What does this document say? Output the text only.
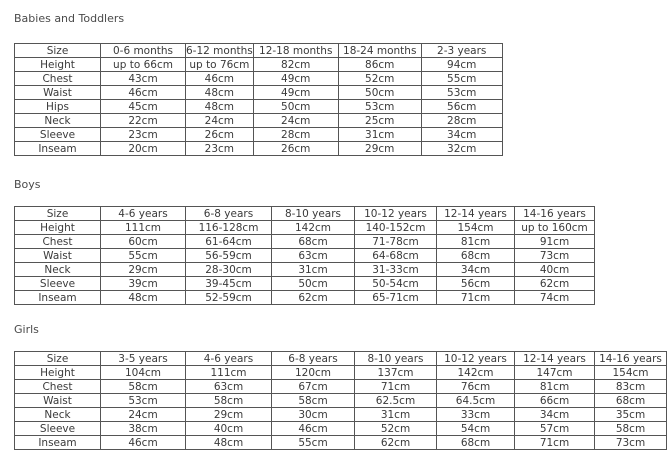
Babies and Toddlers
Size	0-6 months	6-12 months	12-18 months	18-24 months	2-3 years
Height	up to 66cm	up to 76cm	82cm	86cm	94cm
Chest	43cm	46cm	49cm	52cm	55cm
Waist	46cm	48cm	49cm	50cm	53cm
Hips	45cm	48cm	50cm	53cm	56cm
Neck	22cm	24cm	24cm	25cm	28cm
Sleeve	23cm	26cm	28cm	31cm	34cm
Inseam	20cm	23cm	26cm	29cm	32cm
Boys
Size	4-6 years	6-8 years	8-10 years	10-12 years	12-14 years	14-16 years
Height	111cm	116-128cm	142cm	140-152cm	154cm	up to 160cm
Chest	60cm	61-64cm	68cm	71-78cm	81cm	91cm
Waist	55cm	56-59cm	63cm	64-68cm	68cm	73cm
Neck	29cm	28-30cm	31cm	31-33cm	34cm	40cm
Sleeve	39cm	39-45cm	50cm	50-54cm	56cm	62cm
Inseam	48cm	52-59cm	62cm	65-71cm	71cm	74cm
Girls
Size	3-5 years	4-6 years	6-8 years	8-10 years	10-12 years	12-14 years	14-16 years
Height	104cm	111cm	120cm	137cm	142cm	147cm	154cm
Chest	58cm	63cm	67cm	71cm	76cm	81cm	83cm
Waist	53cm	58cm	58cm	62.5cm	64.5cm	66cm	68cm
Neck	24cm	29cm	30cm	31cm	33cm	34cm	35cm
Sleeve	38cm	40cm	46cm	52cm	54cm	57cm	58cm
Inseam	46cm	48cm	55cm	62cm	68cm	71cm	73cm
